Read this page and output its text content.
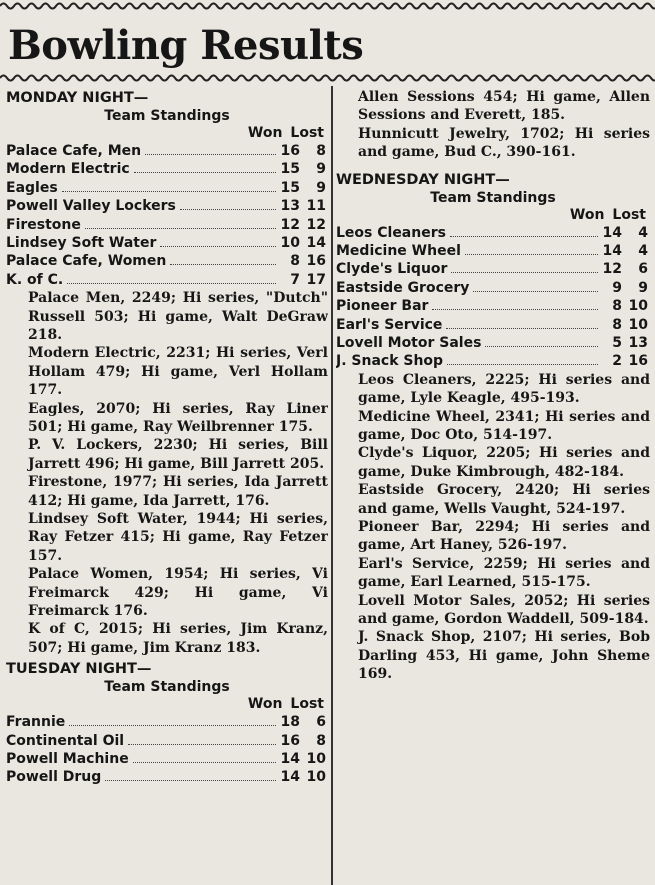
Bowling Results

MONDAY NIGHT—

Team Standings

Won Lost

Palace Cafe, Men	16	8
Modern Electric	15	9
Eagles	15	9
Powell Valley Lockers	13 11
Firestone	12 12
Lindsey Soft Water	10 14
Palace Cafe, Women	8 16
K. of C.	7 17

Palace Men, 2249; Hi series, "Dutch" Russell 503; Hi game, Walt DeGraw 218.

Modern Electric, 2231; Hi series, Verl Hollam 479; Hi game, Verl Hollam 177.

Eagles, 2070; Hi series, Ray Liner 501; Hi game, Ray Weilbrenner 175.

P. V. Lockers, 2230; Hi series, Bill Jarrett 496; Hi game, Bill Jarrett 205.

Firestone, 1977; Hi series, Ida Jarrett 412; Hi game, Ida Jarrett, 176.

Lindsey Soft Water, 1944; Hi series, Ray Fetzer 415; Hi game, Ray Fetzer 157.

Palace Women, 1954; Hi series, Vi Freimarck 429; Hi game, Vi Freimarck 176.

K of C, 2015; Hi series, Jim Kranz, 507; Hi game, Jim Kranz 183.

TUESDAY NIGHT—

Team Standings

Won Lost

Frannie	18	6
Continental Oil	16	8
Powell Machine	14 10
Powell Drug	14 10

Allen Sessions 454; Hi game, Allen Sessions and Everett, 185.

Hunnicutt Jewelry, 1702; Hi series and game, Bud C., 390-161.

WEDNESDAY NIGHT—

Team Standings

Won Lost

Leos Cleaners	14	4
Medicine Wheel	14	4
Clyde's Liquor	12	6
Eastside Grocery	9	9
Pioneer Bar	8 10
Earl's Service	8 10
Lovell Motor Sales	5 13
J. Snack Shop	2 16

Leos Cleaners, 2225; Hi series and game, Lyle Keagle, 495-193.

Medicine Wheel, 2341; Hi series and game, Doc Oto, 514-197.

Clyde's Liquor, 2205; Hi series and game, Duke Kimbrough, 482-184.

Eastside Grocery, 2420; Hi series and game, Wells Vaught, 524-197.

Pioneer Bar, 2294; Hi series and game, Art Haney, 526-197.

Earl's Service, 2259; Hi series and game, Earl Learned, 515-175.

Lovell Motor Sales, 2052; Hi series and game, Gordon Waddell, 509-184.

J. Snack Shop, 2107; Hi series, Bob Darling 453, Hi game, John Sheme 169.
